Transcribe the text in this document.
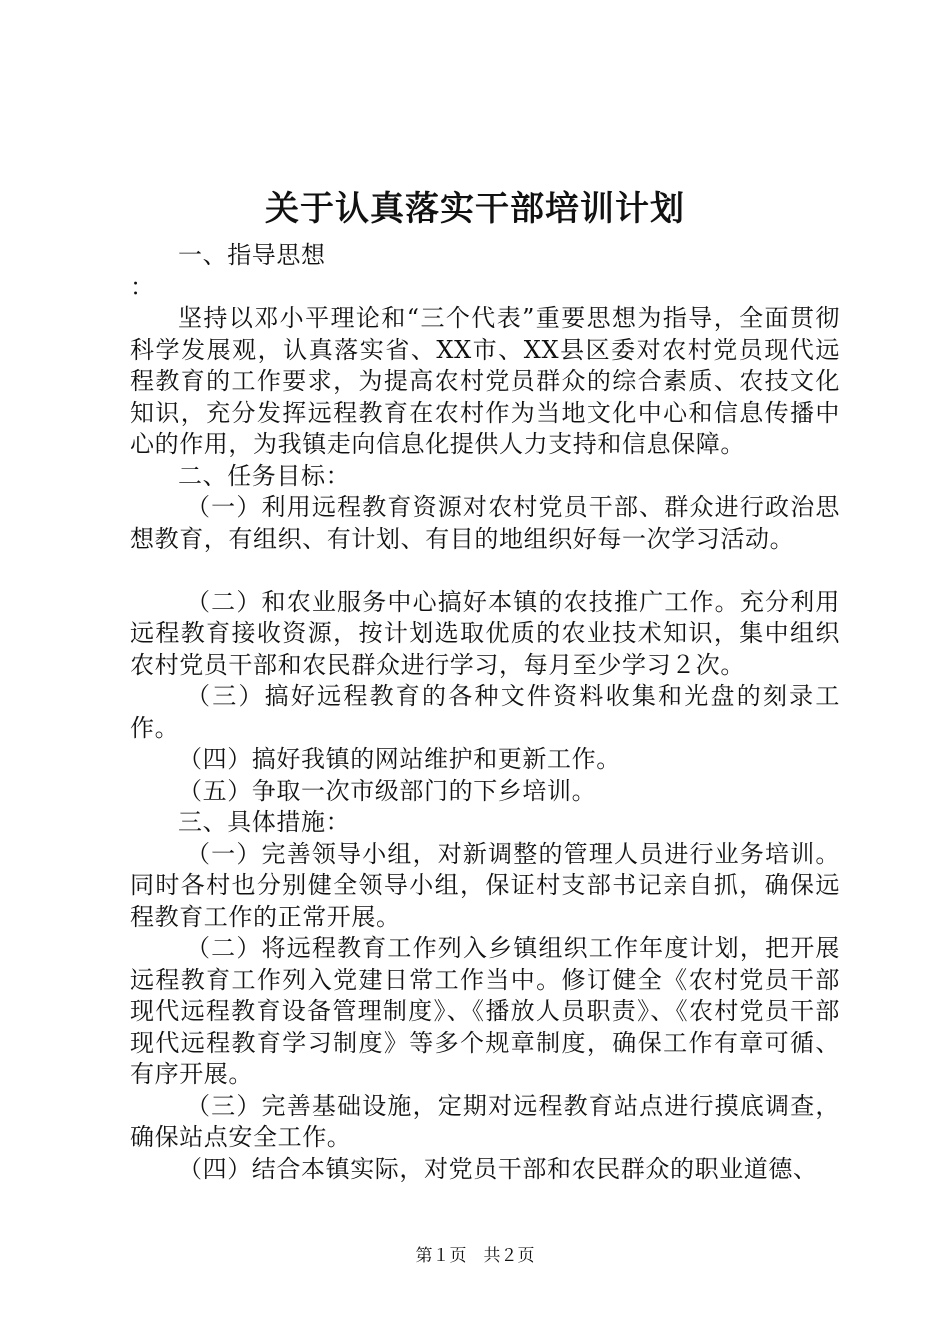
关于认真落实干部培训计划

一、指导思想

：

坚持以邓小平理论和“三个代表”重要思想为指导，全面贯彻科学发展观，认真落实省、XX市、XX县区委对农村党员现代远程教育的工作要求，为提高农村党员群众的综合素质、农技文化知识，充分发挥远程教育在农村作为当地文化中心和信息传播中心的作用，为我镇走向信息化提供人力支持和信息保障。

二、任务目标：

（一）利用远程教育资源对农村党员干部、群众进行政治思想教育，有组织、有计划、有目的地组织好每一次学习活动。

（二）和农业服务中心搞好本镇的农技推广工作。充分利用远程教育接收资源，按计划选取优质的农业技术知识，集中组织农村党员干部和农民群众进行学习，每月至少学习２次。

（三）搞好远程教育的各种文件资料收集和光盘的刻录工作。

（四）搞好我镇的网站维护和更新工作。

（五）争取一次市级部门的下乡培训。

三、具体措施：

（一）完善领导小组，对新调整的管理人员进行业务培训。同时各村也分别健全领导小组，保证村支部书记亲自抓，确保远程教育工作的正常开展。

（二）将远程教育工作列入乡镇组织工作年度计划，把开展远程教育工作列入党建日常工作当中。修订健全《农村党员干部现代远程教育设备管理制度》、《播放人员职责》、《农村党员干部现代远程教育学习制度》等多个规章制度，确保工作有章可循、有序开展。

（三）完善基础设施，定期对远程教育站点进行摸底调查，确保站点安全工作。

（四）结合本镇实际，对党员干部和农民群众的职业道德、

第１页　共２页
